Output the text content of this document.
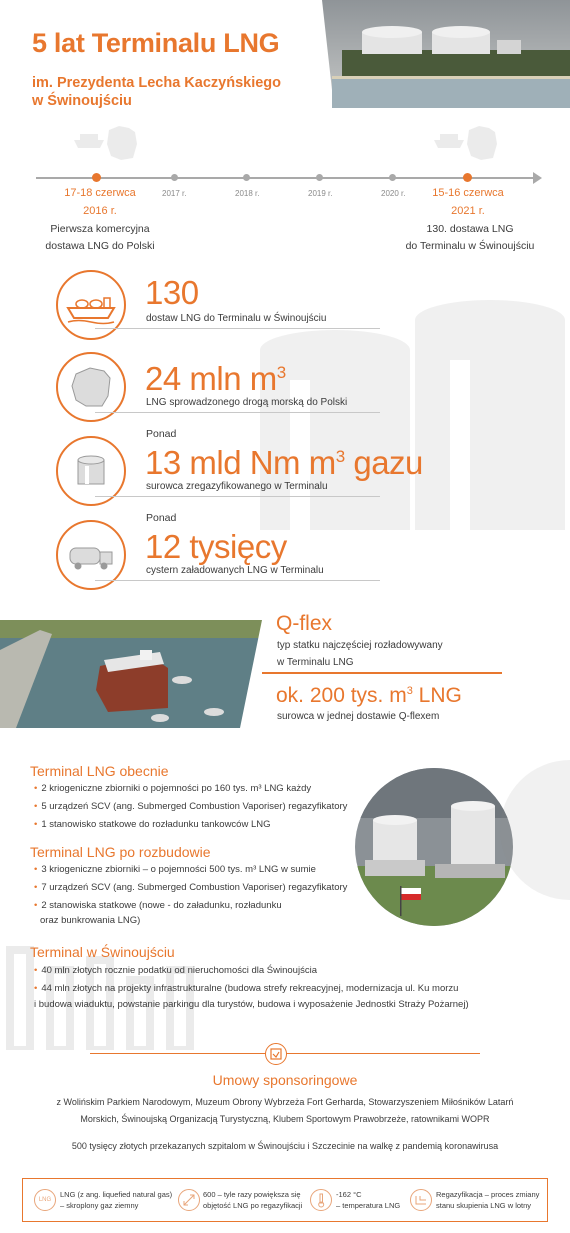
5 lat Terminalu LNG
im. Prezydenta Lecha Kaczyńskiego
w Świnoujściu
2017 r.	2018 r.	2019 r.	2020 r.
17-18 czerwca
2016 r.
Pierwsza komercyjna
dostawa LNG do Polski
15-16 czerwca
2021 r.
130. dostawa LNG
do Terminalu w Świnoujściu
130
dostaw LNG do Terminalu w Świnoujściu
24 mln $m^3$
LNG sprowadzonego drogą morską do Polski
Ponad
13 mld Nm $m^3$ gazu
surowca zregazyfikowanego w Terminalu
Ponad
12 tysięcy
cystern załadowanych LNG w Terminalu
Q-flex
typ statku najczęściej rozładowywany
w Terminalu LNG
ok. 200 tys. $m^3$ LNG
surowca w jednej dostawie Q-flexem
Terminal LNG obecnie
• 2 kriogeniczne zbiorniki o pojemności po 160 tys. m³ LNG każdy
• 5 urządzeń SCV (ang. Submerged Combustion Vaporiser) regazyfikatory
• 1 stanowisko statkowe do rozładunku tankowców LNG
Terminal LNG po rozbudowie
• 3 kriogeniczne zbiorniki – o pojemności 500 tys. m³ LNG w sumie
• 7 urządzeń SCV (ang. Submerged Combustion Vaporiser) regazyfikatory
• 2 stanowiska statkowe (nowe - do załadunku, rozładunku
oraz bunkrowania LNG)
Terminal w Świnoujściu
• 40 mln złotych rocznie podatku od nieruchomości dla Świnoujścia
• 44 mln złotych na projekty infrastrukturalne (budowa strefy rekreacyjnej, modernizacja ul. Ku morzu
i budowa wiaduktu, powstanie parkingu dla turystów, budowa i wyposażenie Jednostki Straży Pożarnej)
Umowy sponsoringowe
z Wolińskim Parkiem Narodowym, Muzeum Obrony Wybrzeża Fort Gerharda, Stowarzyszeniem Miłośników Latarń
Morskich, Świnoujską Organizacją Turystyczną, Klubem Sportowym Prawobrzeże, ratownikami WOPR
500 tysięcy złotych przekazanych szpitalom w Świnoujściu i Szczecinie na walkę z pandemią koronawirusa
LNG
LNG (z ang. liquefied natural gas)
– skroplony gaz ziemny
600 – tyle razy powiększa się
objętość LNG po regazyfikacji
-162 °C
– temperatura LNG
Regazyfikacja – proces zmiany
stanu skupienia LNG w lotny
